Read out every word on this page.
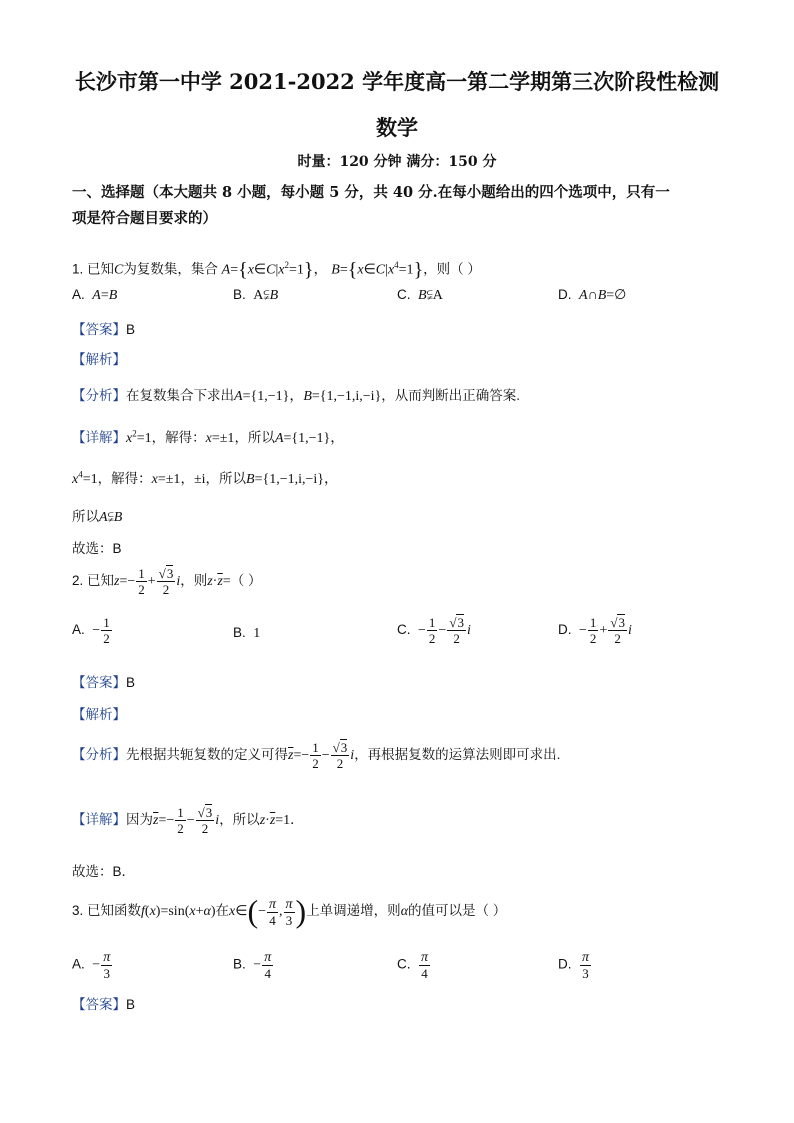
长沙市第一中学 2021-2022 学年度高一第二学期第三次阶段性检测
数学
时量：120 分钟 满分：150 分
一、选择题（本大题共 8 小题，每小题 5 分，共 40 分.在每小题给出的四个选项中，只有一
项是符合题目要求的）
1. 已知C为复数集，集合 $A=\{x\in C|x^2=1\}$， $B=\{x\in C|x^4=1\}$，则（ ）
A. A=B	B. A⫋B	C. B⫋A	D. A∩B=∅
【答案】B
【解析】
【分析】在复数集合下求出A={1,−1}，B={1,−1,i,−i}，从而判断出正确答案.
【详解】$x^2=1$，解得：x=±1，所以A={1,−1}，
$x^4=1$，解得：x=±1，±i，所以B={1,−1,i,−i}，
所以A⫋B
故选：B
2. 已知$z=- \frac{1}{2} + \frac{√3}{2}$ i，则$z\cdot\overline{z}=$（ ）
A. − $\frac{1}{2}$	B. 1	C. − $\frac{1}{2} - \frac{√3}{2}$ i	D. − $\frac{1}{2} + \frac{√3}{2}$ i
【答案】B
【解析】
【分析】先根据共轭复数的定义可得$\overline{z}=- \frac{1}{2} - \frac{√3}{2}$ i，再根据复数的运算法则即可求出.
【详解】因为$\overline{z}=- \frac{1}{2} - \frac{√3}{2}$ i，所以$z\cdot\overline{z}=1$．
故选：B．
3. 已知函数f(x)=sin(x+α)在x∈(− $\frac{\pi}{4}$ , $\frac{\pi}{3}$ )上单调递增，则α的值可以是（ ）
A. − $\frac{\pi}{3}$	B. − $\frac{\pi}{4}$	C. $\frac{\pi}{4}$	D. $\frac{\pi}{3}$
【答案】B
